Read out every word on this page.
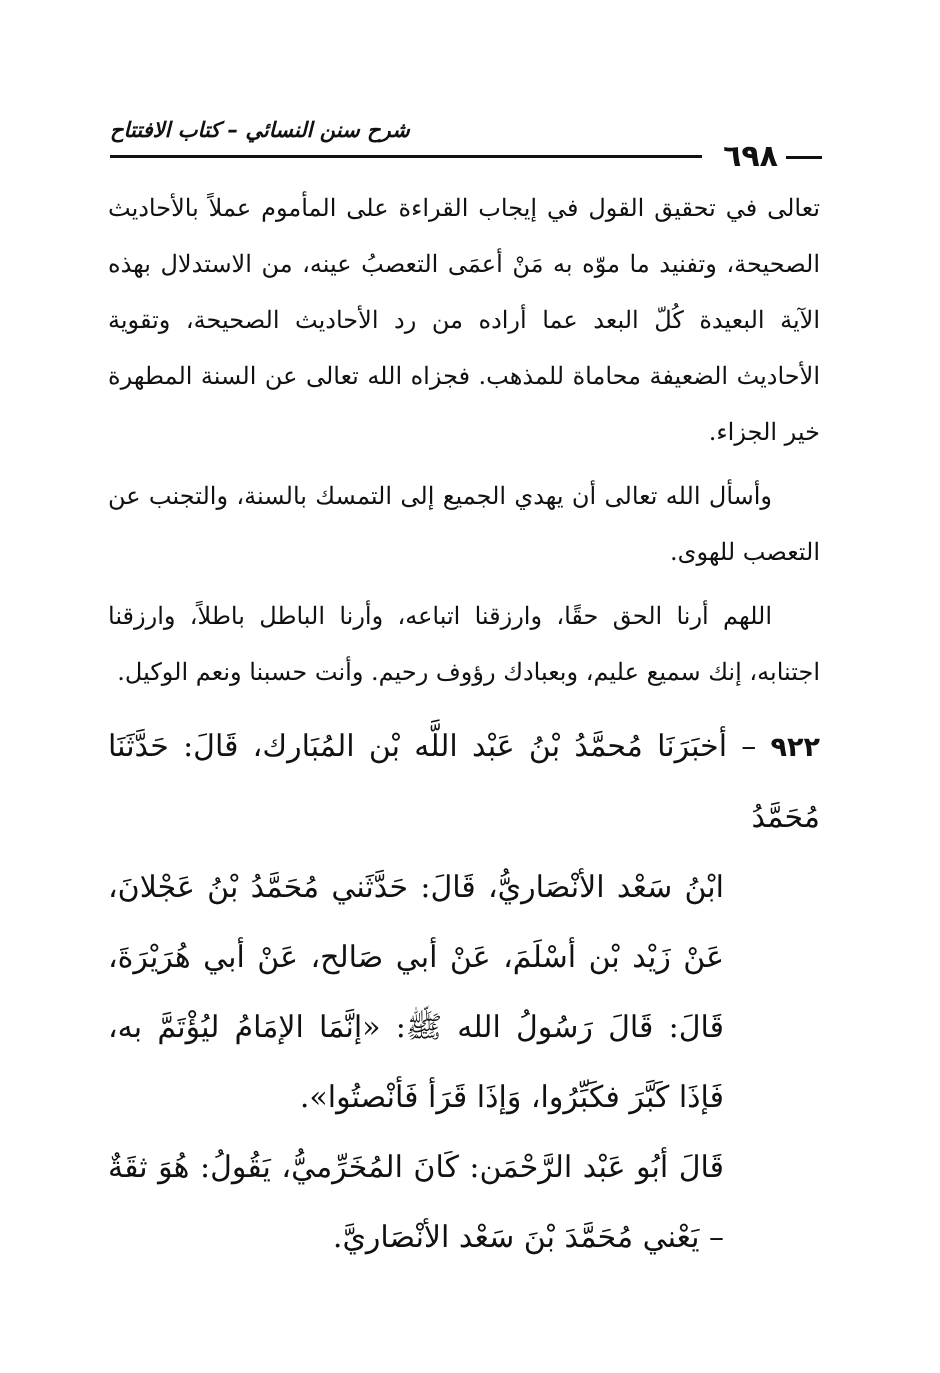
٦٩٨
شرح سنن النسائي – كتاب الافتتاح

تعالى في تحقيق القول في إيجاب القراءة على المأموم عملاً بالأحاديث الصحيحة، وتفنيد ما موّه به مَنْ أعمَى التعصبُ عينه، من الاستدلال بهذه الآية البعيدة كُلّ البعد عما أراده من رد الأحاديث الصحيحة، وتقوية الأحاديث الضعيفة محاماة للمذهب. فجزاه الله تعالى عن السنة المطهرة خير الجزاء.

وأسأل الله تعالى أن يهدي الجميع إلى التمسك بالسنة، والتجنب عن التعصب للهوى.

اللهم أرنا الحق حقًا، وارزقنا اتباعه، وأرنا الباطل باطلاً، وارزقنا اجتنابه، إنك سميع عليم، وبعبادك رؤوف رحيم. وأنت حسبنا ونعم الوكيل.

٩٢٢ – أخبَرَنَا مُحمَّدُ بْنُ عَبْد اللَّه بْن المُبَارك، قَالَ: حَدَّثَنَا مُحَمَّدُ
ابْنُ سَعْد الأنْصَاريُّ، قَالَ: حَدَّثَني مُحَمَّدُ بْنُ عَجْلانَ، عَنْ زَيْد بْن أسْلَمَ، عَنْ أبي صَالح، عَنْ أبي هُرَيْرَةَ، قَالَ: قَالَ رَسُولُ الله ﷺ: «إنَّمَا الإمَامُ ليُؤْتَمَّ به، فَإذَا كَبَّرَ فكَبِّرُوا، وَإذَا قَرَأ فَأنْصتُوا».

قَالَ أبُو عَبْد الرَّحْمَن: كَانَ المُخَرِّميُّ، يَقُولُ: هُوَ ثقَةٌ – يَعْني مُحَمَّدَ بْنَ سَعْد الأنْصَاريَّ.
